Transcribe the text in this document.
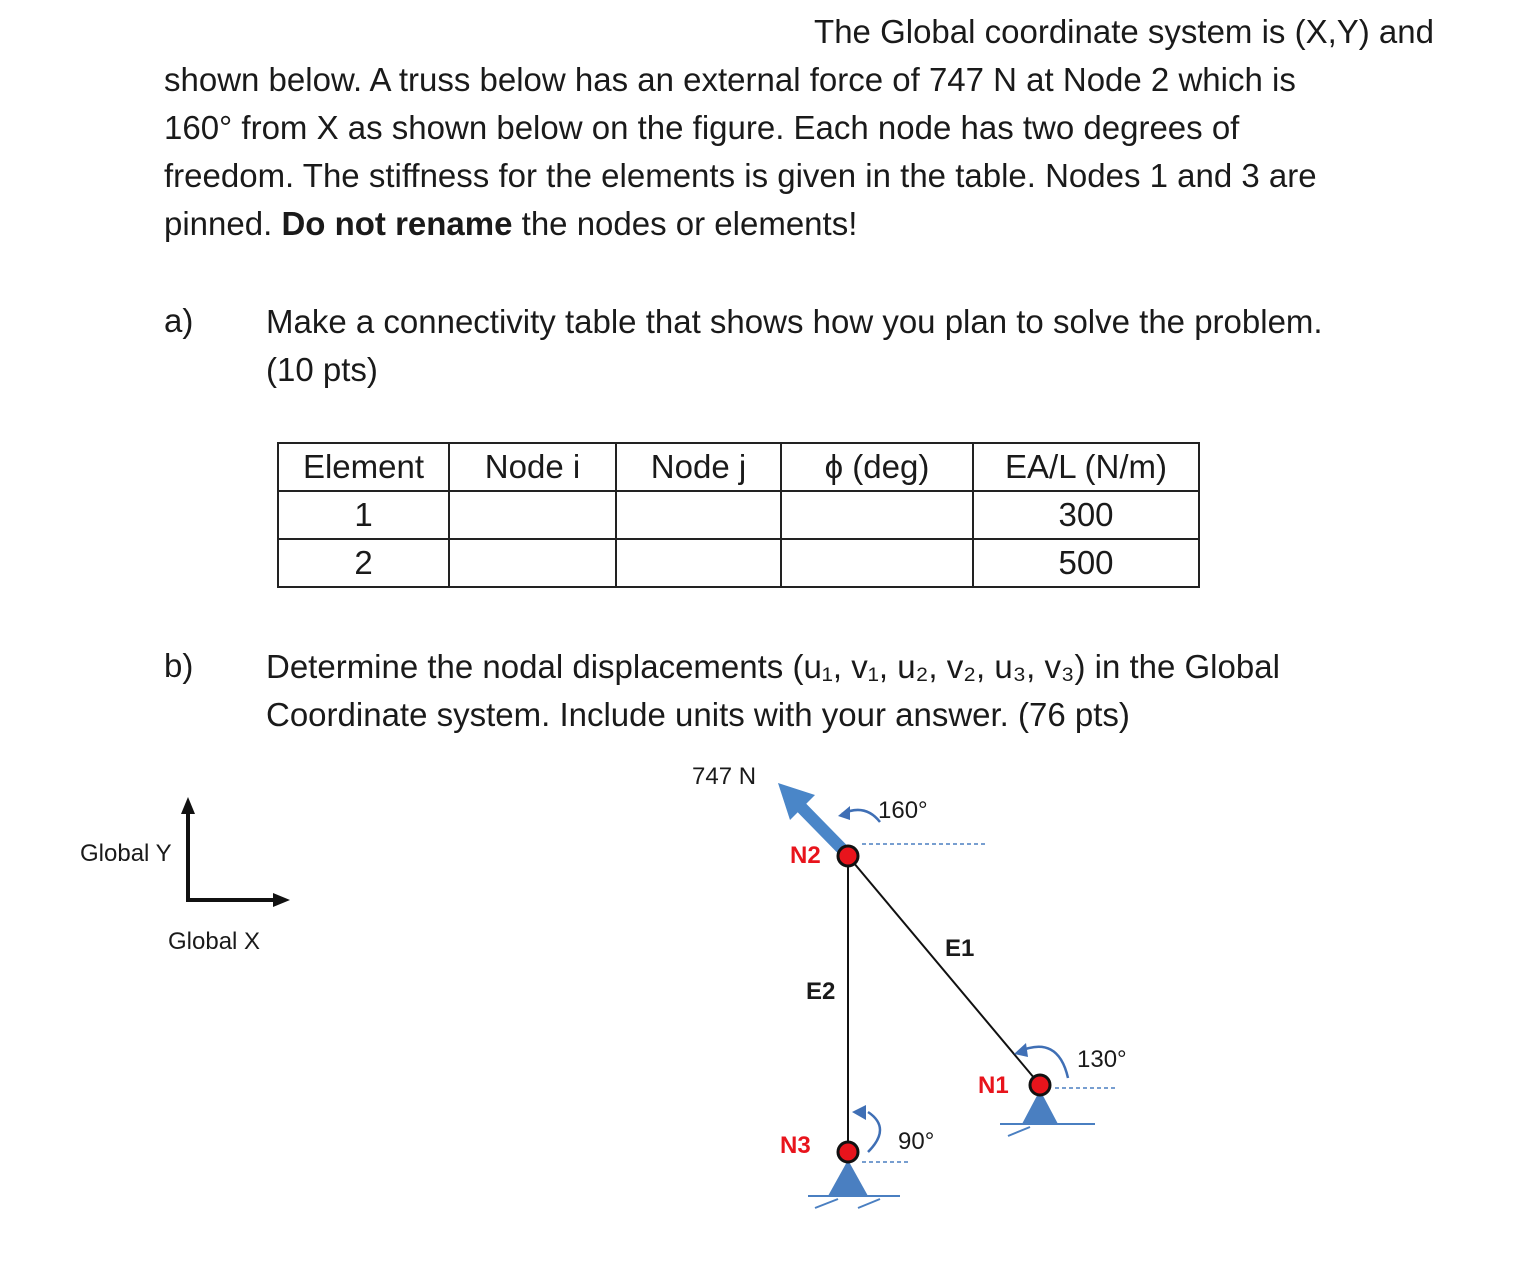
The Global coordinate system is (X,Y) and
shown below. A truss below has an external force of 747 N at Node 2 which is
160° from X as shown below on the figure. Each node has two degrees of
freedom. The stiffness for the elements is given in the table. Nodes 1 and 3 are
pinned. Do not rename the nodes or elements!
a) Make a connectivity table that shows how you plan to solve the problem.
(10 pts)
Element	Node i	Node j	ϕ (deg)	EA/L (N/m)
1				300
2				500
b) Determine the nodal displacements (u₁, v₁, u₂, v₂, u₃, v₃) in the Global
Coordinate system. Include units with your answer. (76 pts)
Global Y
Global X
747 N
160°
130°
90°
N2
N1
N3
E1
E2
